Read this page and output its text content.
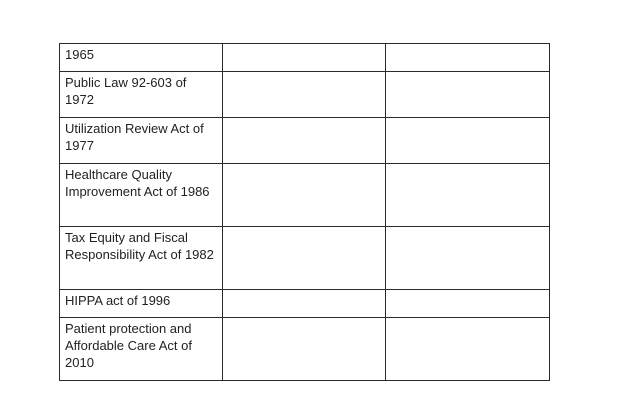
1965		

Public Law 92-603 of 1972		

Utilization Review Act of 1977		

Healthcare Quality Improvement Act of 1986		

Tax Equity and Fiscal Responsibility Act of 1982		

HIPPA act of 1996		

Patient protection and Affordable Care Act of 2010		
